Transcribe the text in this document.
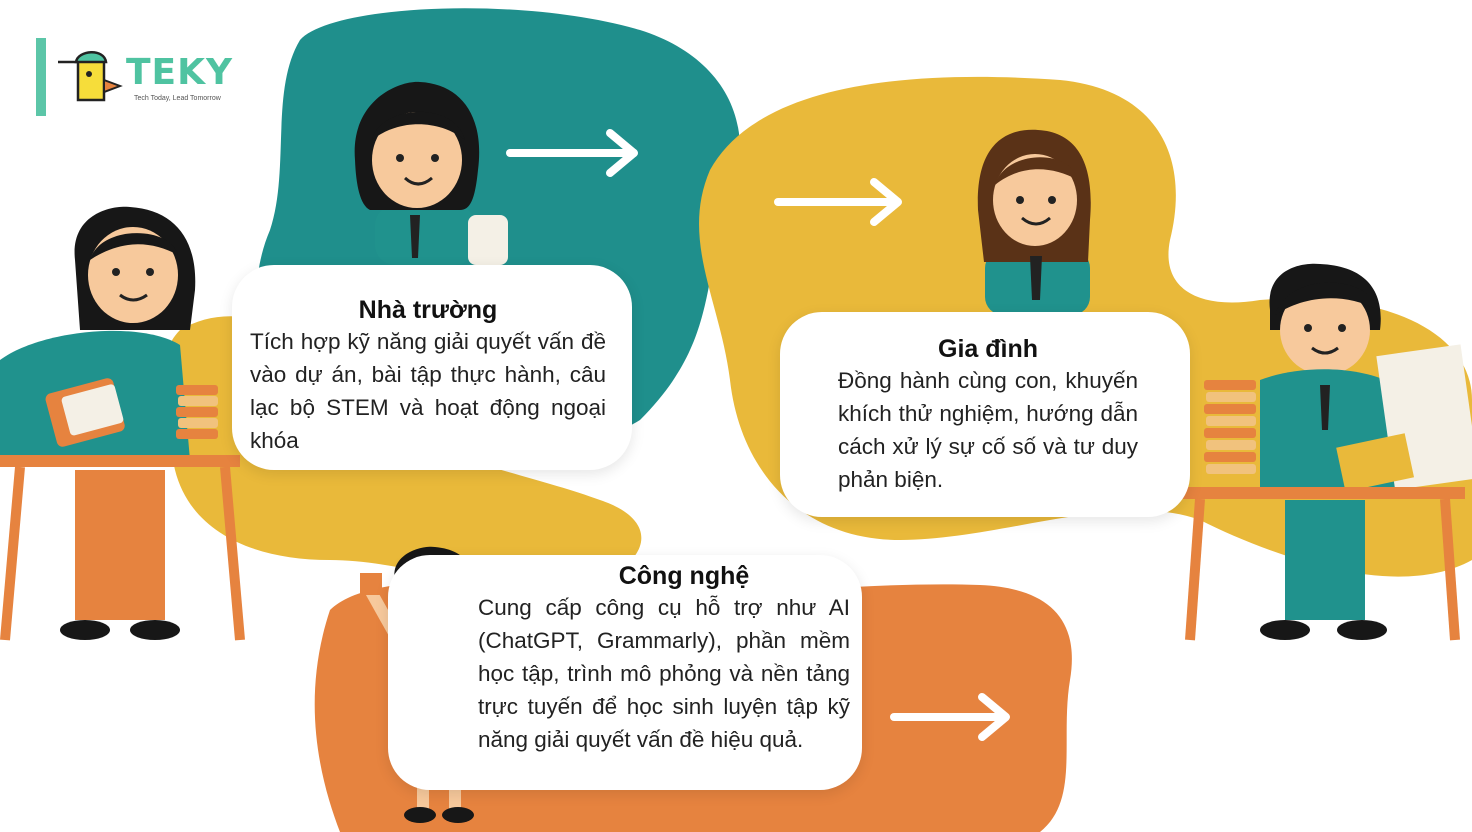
TEKY
Tech Today, Lead Tomorrow
Nhà trường

Tích hợp kỹ năng giải quyết vấn đề vào dự án, bài tập thực hành, câu lạc bộ STEM và hoạt động ngoại khóa

Gia đình

Đồng hành cùng con, khuyến khích thử nghiệm, hướng dẫn cách xử lý sự cố số và tư duy phản biện.

Công nghệ

Cung cấp công cụ hỗ trợ như AI (ChatGPT, Grammarly), phần mềm học tập, trình mô phỏng và nền tảng trực tuyến để học sinh luyện tập kỹ năng giải quyết vấn đề hiệu quả.
